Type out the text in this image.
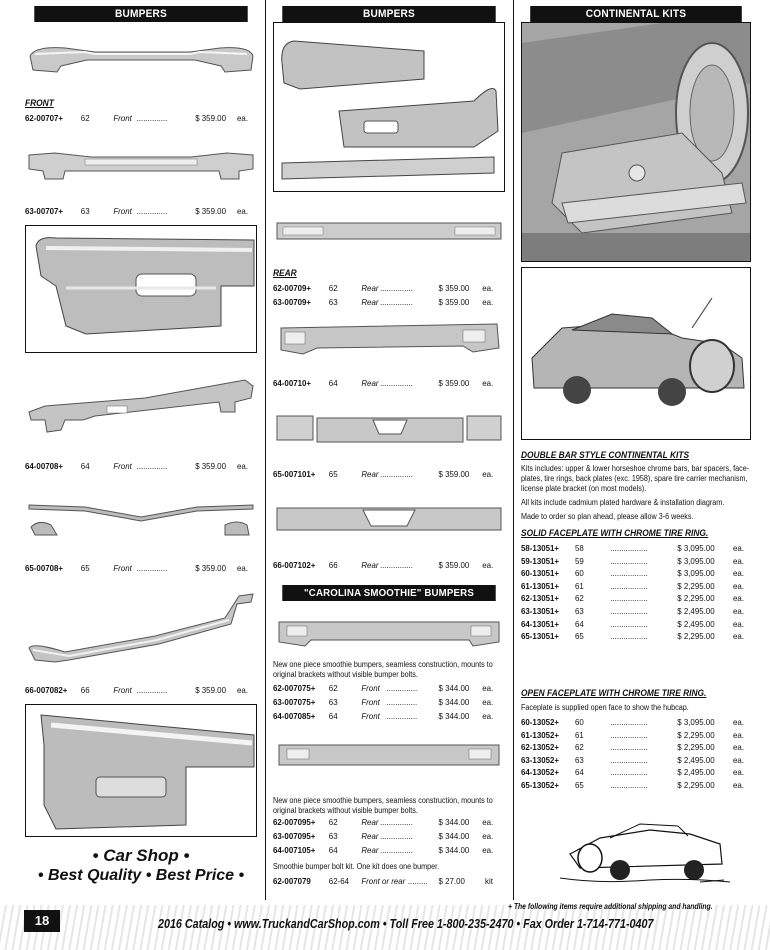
BUMPERS
FRONT
62-00707+ 62	Front ..............	$ 359.00 ea.
63-00707+ 63	Front ..............	$ 359.00 ea.
64-00708+ 64	Front ..............	$ 359.00 ea.
65-00708+ 65	Front ..............	$ 359.00 ea.
66-007082+ 66	Front ..............	$ 359.00 ea.
• Car Shop •
• Best Quality • Best Price •
BUMPERS
REAR
62-00709+ 62	Rear ...............	$ 359.00 ea.
63-00709+ 63	Rear ...............	$ 359.00 ea.
64-00710+ 64	Rear ...............	$ 359.00 ea.
65-007101+ 65	Rear ...............	$ 359.00 ea.
66-007102+ 66	Rear ...............	$ 359.00 ea.
"CAROLINA SMOOTHIE" BUMPERS
New one piece smoothie bumpers, seamless construction, mounts to original brackets without visible bumper bolts.
62-007075+ 62	Front ..............	$ 344.00 ea.
63-007075+ 63	Front ..............	$ 344.00 ea.
64-007085+ 64	Front ..............	$ 344.00 ea.
New one piece smoothie bumpers, seamless construction, mounts to original brackets without visible bumper bolts.
62-007095+ 62	Rear ...............	$ 344.00 ea.
63-007095+ 63	Rear ...............	$ 344.00 ea.
64-007105+ 64	Rear ...............	$ 344.00 ea.
Smoothie bumper bolt kit. One kit does one bumper.
62-007079 62-64 Front or rear ......... $ 27.00 kit
CONTINENTAL KITS
DOUBLE BAR STYLE CONTINENTAL KITS
Kits includes: upper & lower horseshoe chrome bars, bar spacers, face-plates, tire rings, back plates (exc. 1958), spare tire carrier mechanism, license plate bracket (on most models).
All kits include cadmium plated hardware & installation diagram.
Made to order so plan ahead, please allow 3-6 weeks.
SOLID FACEPLATE WITH CHROME TIRE RING.
58-13051+ 58	.................	$ 3,095.00 ea.
59-13051+ 59	.................	$ 3,095.00 ea.
60-13051+ 60	.................	$ 3,095.00 ea.
61-13051+ 61	.................	$ 2,295.00 ea.
62-13051+ 62	.................	$ 2,295.00 ea.
63-13051+ 63	.................	$ 2,495.00 ea.
64-13051+ 64	.................	$ 2,495.00 ea.
65-13051+ 65	.................	$ 2,295.00 ea.
OPEN FACEPLATE WITH CHROME TIRE RING.
Faceplate is supplied open face to show the hubcap.
60-13052+ 60	.................	$ 3,095.00 ea.
61-13052+ 61	.................	$ 2,295.00 ea.
62-13052+ 62	.................	$ 2,295.00 ea.
63-13052+ 63	.................	$ 2,495.00 ea.
64-13052+ 64	.................	$ 2,495.00 ea.
65-13052+ 65	.................	$ 2,295.00 ea.
+ The following items require additional shipping and handling.
18	2016 Catalog • www.TruckandCarShop.com • Toll Free 1-800-235-2470 • Fax Order 1-714-771-0407
